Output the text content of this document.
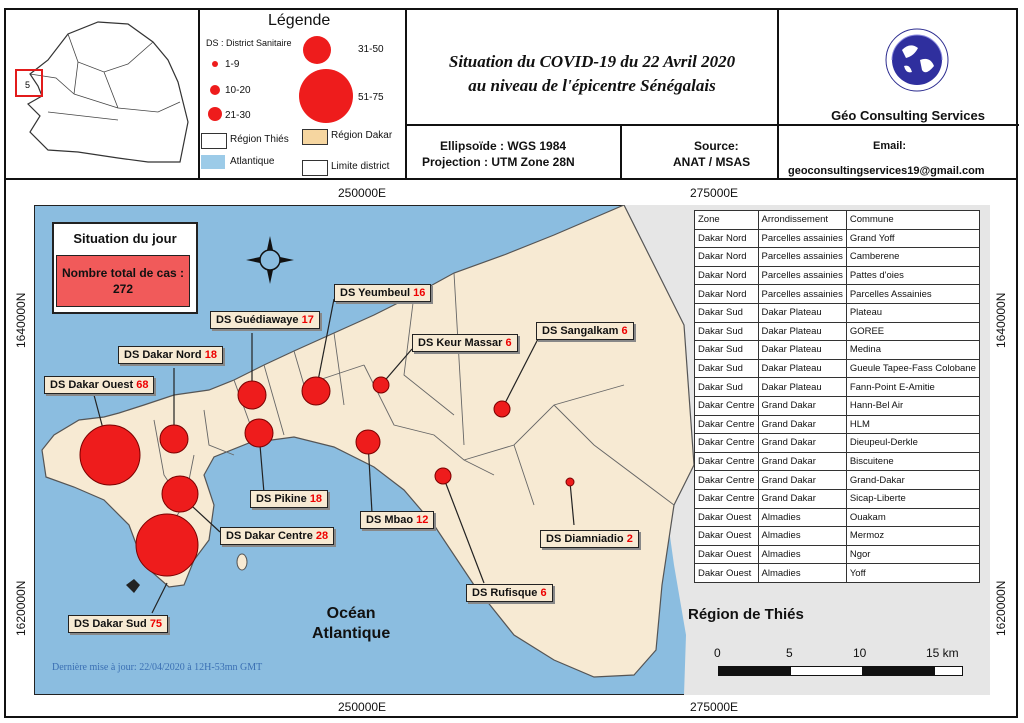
5
Légende
DS : District Sanitaire
1-9
10-20
21-30
31-50
51-75
Région Thiés	Région Dakar
Atlantique	Limite district
Situation du COVID-19 du 22 Avril 2020
au niveau de l'épicentre Sénégalais
Géo Consulting Services
Ellipsoïde : WGS 1984
Projection : UTM Zone 28N
Source:
ANAT / MSAS
Email:
geoconsultingservices19@gmail.com
250000E	275000E
250000E	275000E
1640000N
1620000N
1640000N
1620000N
DS Dakar Ouest 68
DS Dakar Nord 18
DS Guédiawaye 17
DS Yeumbeul 16
DS Keur Massar 6
DS Sangalkam 6
DS Pikine 18
DS Dakar Centre 28
DS Mbao 12
DS Rufisque 6
DS Diamniadio 2
DS Dakar Sud 75
Situation du jour
Nombre total de cas :
272
Zone	Arrondissement	Commune
Dakar Nord	Parcelles assainies	Grand Yoff
Dakar Nord	Parcelles assainies	Camberene
Dakar Nord	Parcelles assainies	Pattes d'oies
Dakar Nord	Parcelles assainies	Parcelles Assainies
Dakar Sud	Dakar Plateau	Plateau
Dakar Sud	Dakar Plateau	GOREE
Dakar Sud	Dakar Plateau	Medina
Dakar Sud	Dakar Plateau	Gueule Tapee-Fass Colobane
Dakar Sud	Dakar Plateau	Fann-Point E-Amitie
Dakar Centre	Grand Dakar	Hann-Bel Air
Dakar Centre	Grand Dakar	HLM
Dakar Centre	Grand Dakar	Dieupeul-Derkle
Dakar Centre	Grand Dakar	Biscuitene
Dakar Centre	Grand Dakar	Grand-Dakar
Dakar Centre	Grand Dakar	Sicap-Liberte
Dakar Ouest	Almadies	Ouakam
Dakar Ouest	Almadies	Mermoz
Dakar Ouest	Almadies	Ngor
Dakar Ouest	Almadies	Yoff
Océan
Atlantique
Région de Thiés
Dernière mise à jour: 22/04/2020 à 12H-53mn GMT
0	5	10	15 km
